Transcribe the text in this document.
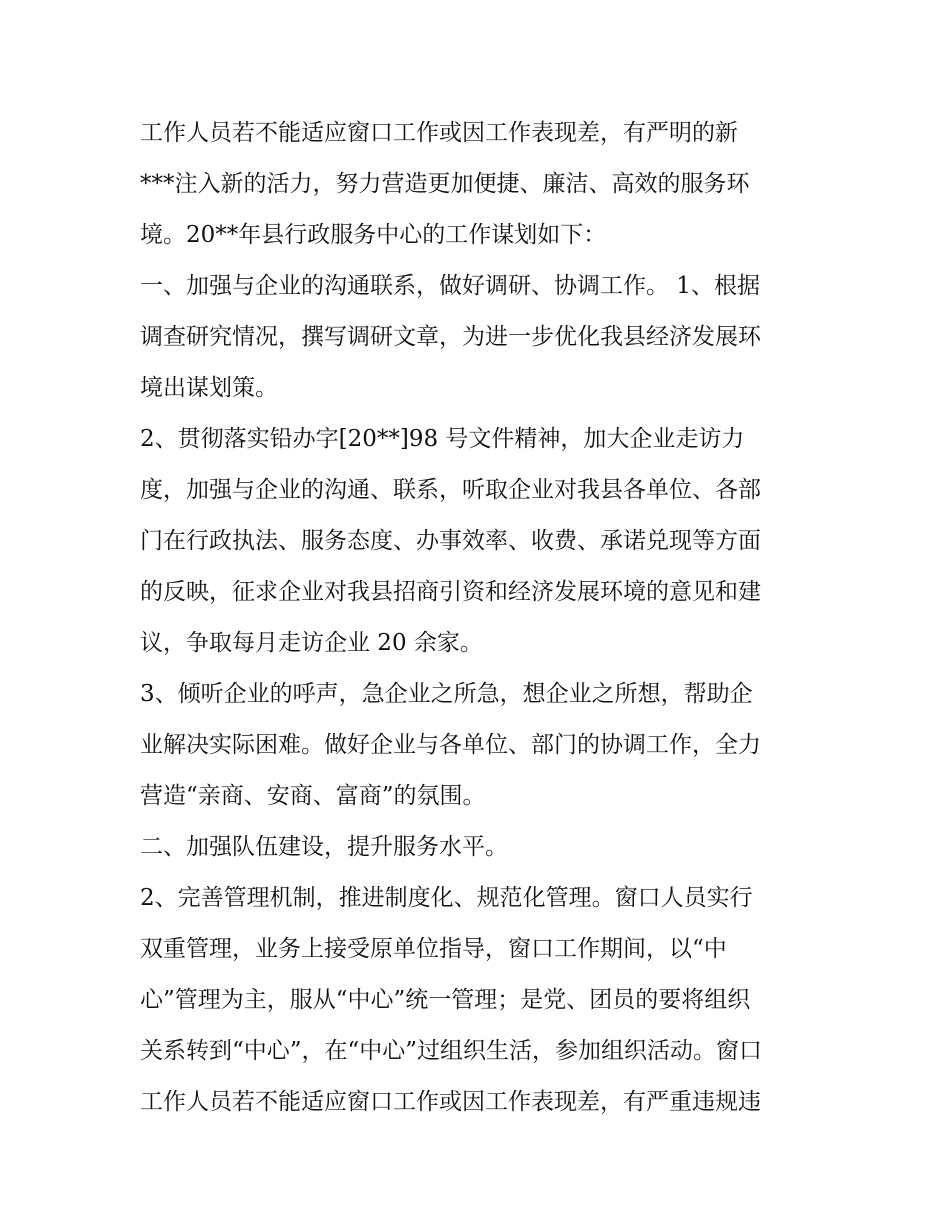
工作人员若不能适应窗口工作或因工作表现差，有严明的新
***注入新的活力，努力营造更加便捷、廉洁、高效的服务环
境。20**年县行政服务中心的工作谋划如下：
一、加强与企业的沟通联系，做好调研、协调工作。 1、根据
调查研究情况，撰写调研文章，为进一步优化我县经济发展环
境出谋划策。
2、贯彻落实铅办字[20**]98 号文件精神，加大企业走访力
度，加强与企业的沟通、联系，听取企业对我县各单位、各部
门在行政执法、服务态度、办事效率、收费、承诺兑现等方面
的反映，征求企业对我县招商引资和经济发展环境的意见和建
议，争取每月走访企业 20 余家。
3、倾听企业的呼声，急企业之所急，想企业之所想，帮助企
业解决实际困难。做好企业与各单位、部门的协调工作，全力
营造“亲商、安商、富商”的氛围。
二、加强队伍建设，提升服务水平。
2、完善管理机制，推进制度化、规范化管理。窗口人员实行
双重管理，业务上接受原单位指导，窗口工作期间，以“中
心”管理为主，服从“中心”统一管理；是党、团员的要将组织
关系转到“中心”，在“中心”过组织生活，参加组织活动。窗口
工作人员若不能适应窗口工作或因工作表现差，有严重违规违
